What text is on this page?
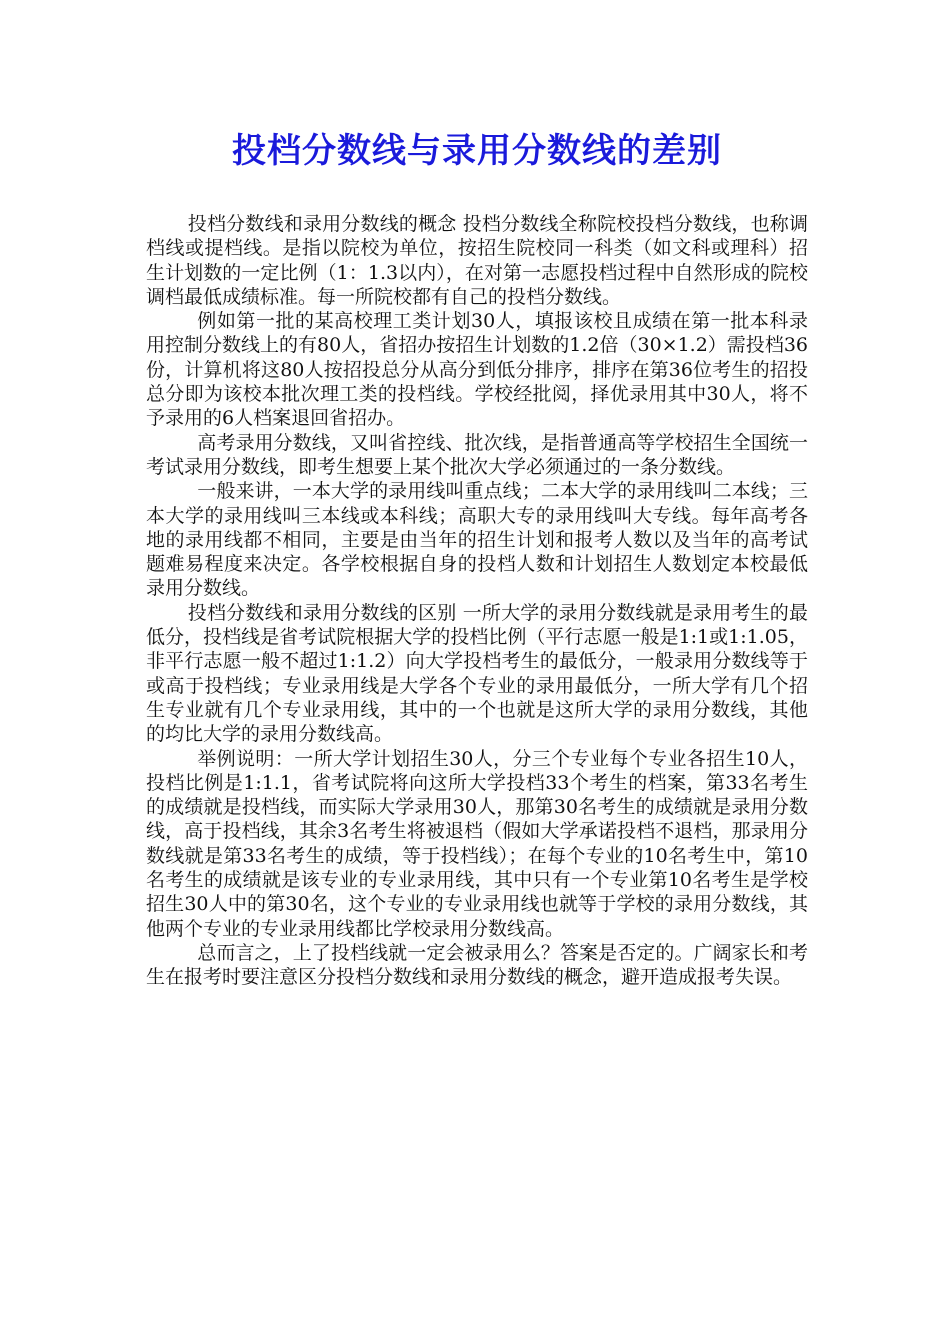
投档分数线与录用分数线的差别

投档分数线和录用分数线的概念 投档分数线全称院校投档分数线，也称调档线或提档线。是指以院校为单位，按招生院校同一科类（如文科或理科）招生计划数的一定比例（1：1.3以内），在对第一志愿投档过程中自然形成的院校调档最低成绩标准。每一所院校都有自己的投档分数线。

例如第一批的某高校理工类计划30人，填报该校且成绩在第一批本科录用控制分数线上的有80人，省招办按招生计划数的1.2倍（30×1.2）需投档36份，计算机将这80人按招投总分从高分到低分排序，排序在第36位考生的招投总分即为该校本批次理工类的投档线。学校经批阅，择优录用其中30人，将不予录用的6人档案退回省招办。

高考录用分数线，又叫省控线、批次线，是指普通高等学校招生全国统一考试录用分数线，即考生想要上某个批次大学必须通过的一条分数线。

一般来讲，一本大学的录用线叫重点线；二本大学的录用线叫二本线；三本大学的录用线叫三本线或本科线；高职大专的录用线叫大专线。每年高考各地的录用线都不相同，主要是由当年的招生计划和报考人数以及当年的高考试题难易程度来决定。各学校根据自身的投档人数和计划招生人数划定本校最低录用分数线。

投档分数线和录用分数线的区别 一所大学的录用分数线就是录用考生的最低分，投档线是省考试院根据大学的投档比例（平行志愿一般是1:1或1:1.05，非平行志愿一般不超过1:1.2）向大学投档考生的最低分，一般录用分数线等于或高于投档线；专业录用线是大学各个专业的录用最低分，一所大学有几个招生专业就有几个专业录用线，其中的一个也就是这所大学的录用分数线，其他的均比大学的录用分数线高。

举例说明：一所大学计划招生30人，分三个专业每个专业各招生10人，投档比例是1:1.1，省考试院将向这所大学投档33个考生的档案，第33名考生的成绩就是投档线，而实际大学录用30人，那第30名考生的成绩就是录用分数线，高于投档线，其余3名考生将被退档（假如大学承诺投档不退档，那录用分数线就是第33名考生的成绩，等于投档线）；在每个专业的10名考生中，第10名考生的成绩就是该专业的专业录用线，其中只有一个专业第10名考生是学校招生30人中的第30名，这个专业的专业录用线也就等于学校的录用分数线，其他两个专业的专业录用线都比学校录用分数线高。

总而言之，上了投档线就一定会被录用么？答案是否定的。广阔家长和考生在报考时要注意区分投档分数线和录用分数线的概念，避开造成报考失误。
